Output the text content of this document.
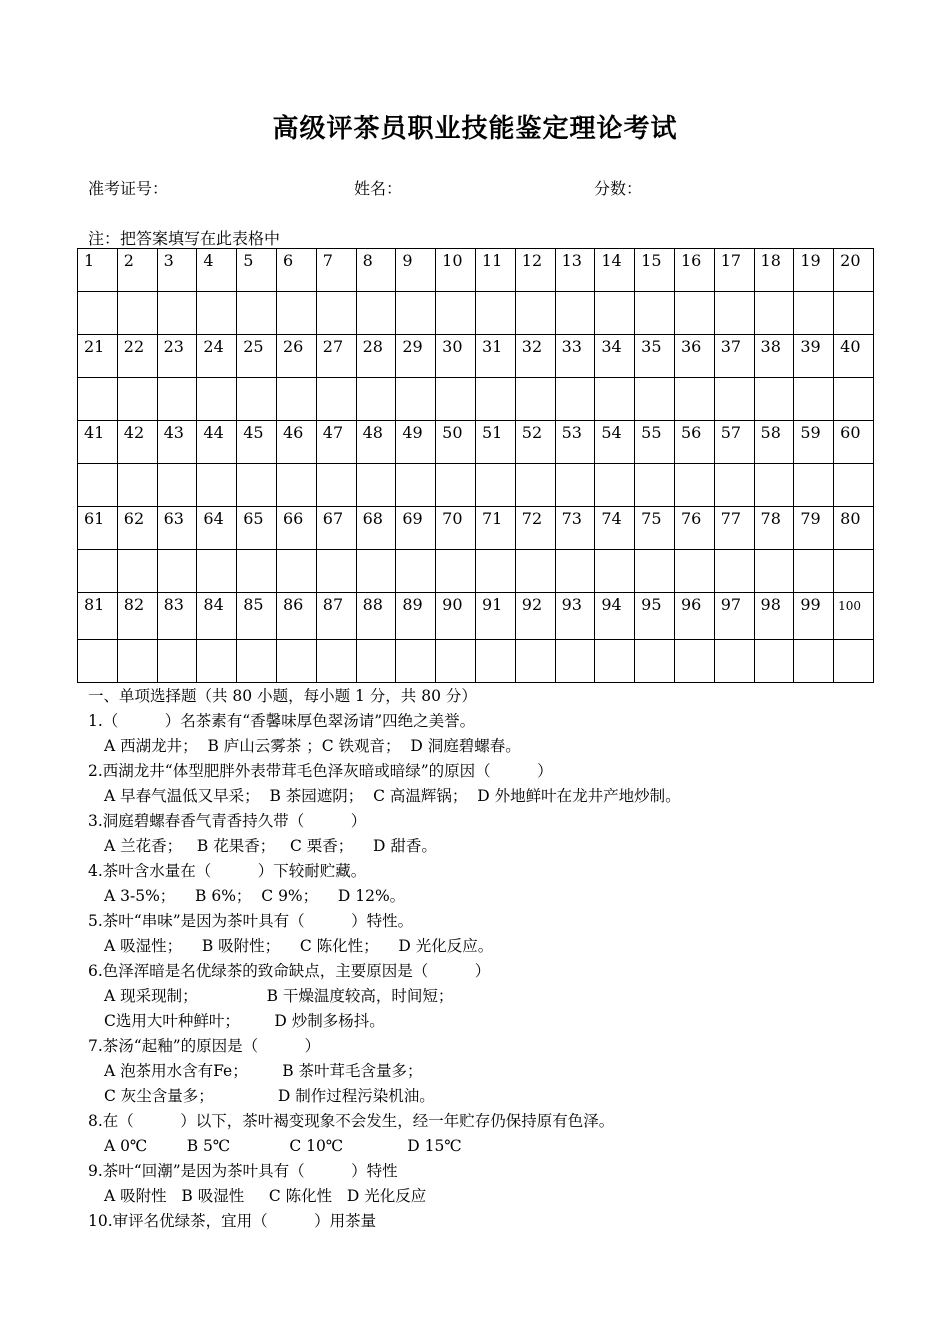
高级评茶员职业技能鉴定理论考试
准考证号：	姓名：	分数：
注：把答案填写在此表格中
1	2	3	4	5	6	7	8	9	10	11	12	13	14	15	16	17	18	19	20

21	22	23	24	25	26	27	28	29	30	31	32	33	34	35	36	37	38	39	40

41	42	43	44	45	46	47	48	49	50	51	52	53	54	55	56	57	58	59	60

61	62	63	64	65	66	67	68	69	70	71	72	73	74	75	76	77	78	79	80

81	82	83	84	85	86	87	88	89	90	91	92	93	94	95	96	97	98	99	100

一、单项选择题（共 80 小题，每小题 1 分，共 80 分）
1.（　　　）名茶素有“香馨味厚色翠汤请”四绝之美誉。
A 西湖龙井；  B 庐山云雾茶 ；C 铁观音；  D 洞庭碧螺春。
2.西湖龙井“体型肥胖外表带茸毛色泽灰暗或暗绿”的原因（　　　）
A 早春气温低又早采；  B 茶园遮阴；  C 高温辉锅；  D 外地鲜叶在龙井产地炒制。
3.洞庭碧螺春香气青香持久带（　　　）
A 兰花香；   B 花果香；   C 栗香；    D 甜香。
4.茶叶含水量在（　　　）下较耐贮藏。
A 3-5%；    B 6%；  C 9%；    D 12%。
5.茶叶“串味”是因为茶叶具有（　　　）特性。
A 吸湿性；    B 吸附性；    C 陈化性；    D 光化反应。
6.色泽浑暗是名优绿茶的致命缺点，主要原因是（　　　）
A 现采现制；              B 干燥温度较高，时间短；
C选用大叶种鲜叶；       D 炒制多杨抖。
7.茶汤“起釉”的原因是（　　　）
A 泡茶用水含有Fe；       B 茶叶茸毛含量多；
C 灰尘含量多；             D 制作过程污染机油。
8.在（　　　）以下，茶叶褐变现象不会发生，经一年贮存仍保持原有色泽。
A 0℃        B 5℃            C 10℃             D 15℃
9.茶叶“回潮”是因为茶叶具有（　　　）特性
A 吸附性   B 吸湿性     C 陈化性   D 光化反应
10.审评名优绿茶，宜用（　　　）用茶量
